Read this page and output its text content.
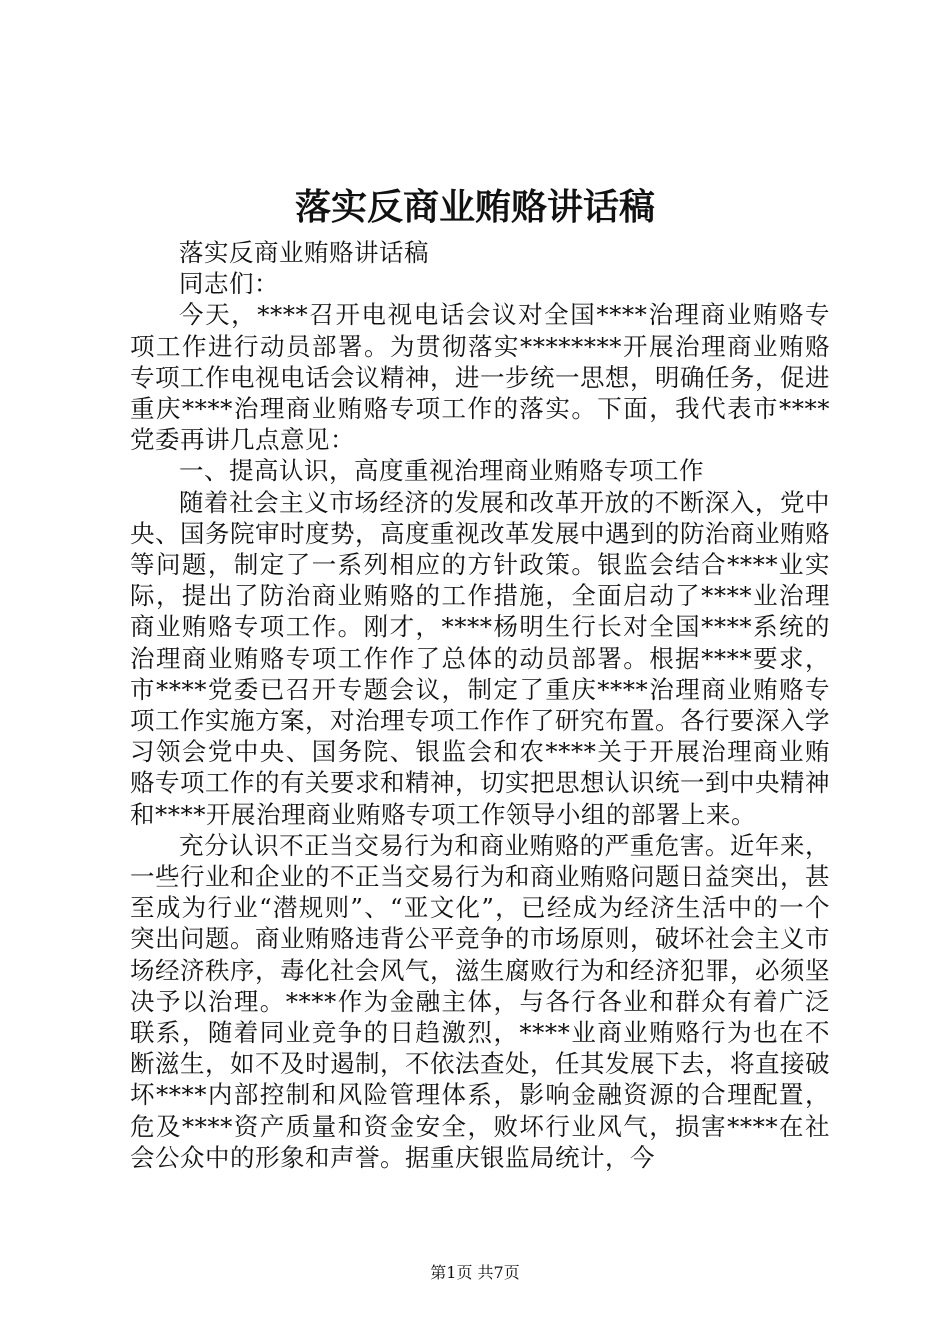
落实反商业贿赂讲话稿

落实反商业贿赂讲话稿

同志们：

今天，****召开电视电话会议对全国****治理商业贿赂专项工作进行动员部署。为贯彻落实********开展治理商业贿赂专项工作电视电话会议精神，进一步统一思想，明确任务，促进重庆****治理商业贿赂专项工作的落实。下面，我代表市****党委再讲几点意见：

一、提高认识，高度重视治理商业贿赂专项工作

随着社会主义市场经济的发展和改革开放的不断深入，党中央、国务院审时度势，高度重视改革发展中遇到的防治商业贿赂等问题，制定了一系列相应的方针政策。银监会结合****业实际，提出了防治商业贿赂的工作措施，全面启动了****业治理商业贿赂专项工作。刚才，****杨明生行长对全国****系统的治理商业贿赂专项工作作了总体的动员部署。根据****要求，市****党委已召开专题会议，制定了重庆****治理商业贿赂专项工作实施方案，对治理专项工作作了研究布置。各行要深入学习领会党中央、国务院、银监会和农****关于开展治理商业贿赂专项工作的有关要求和精神，切实把思想认识统一到中央精神和****开展治理商业贿赂专项工作领导小组的部署上来。

充分认识不正当交易行为和商业贿赂的严重危害。近年来，一些行业和企业的不正当交易行为和商业贿赂问题日益突出，甚至成为行业“潜规则”、“亚文化”，已经成为经济生活中的一个突出问题。商业贿赂违背公平竞争的市场原则，破坏社会主义市场经济秩序，毒化社会风气，滋生腐败行为和经济犯罪，必须坚决予以治理。****作为金融主体，与各行各业和群众有着广泛联系，随着同业竞争的日趋激烈，****业商业贿赂行为也在不断滋生，如不及时遏制，不依法查处，任其发展下去，将直接破坏****内部控制和风险管理体系，影响金融资源的合理配置，危及****资产质量和资金安全，败坏行业风气，损害****在社会公众中的形象和声誉。据重庆银监局统计，今

第1页 共7页
